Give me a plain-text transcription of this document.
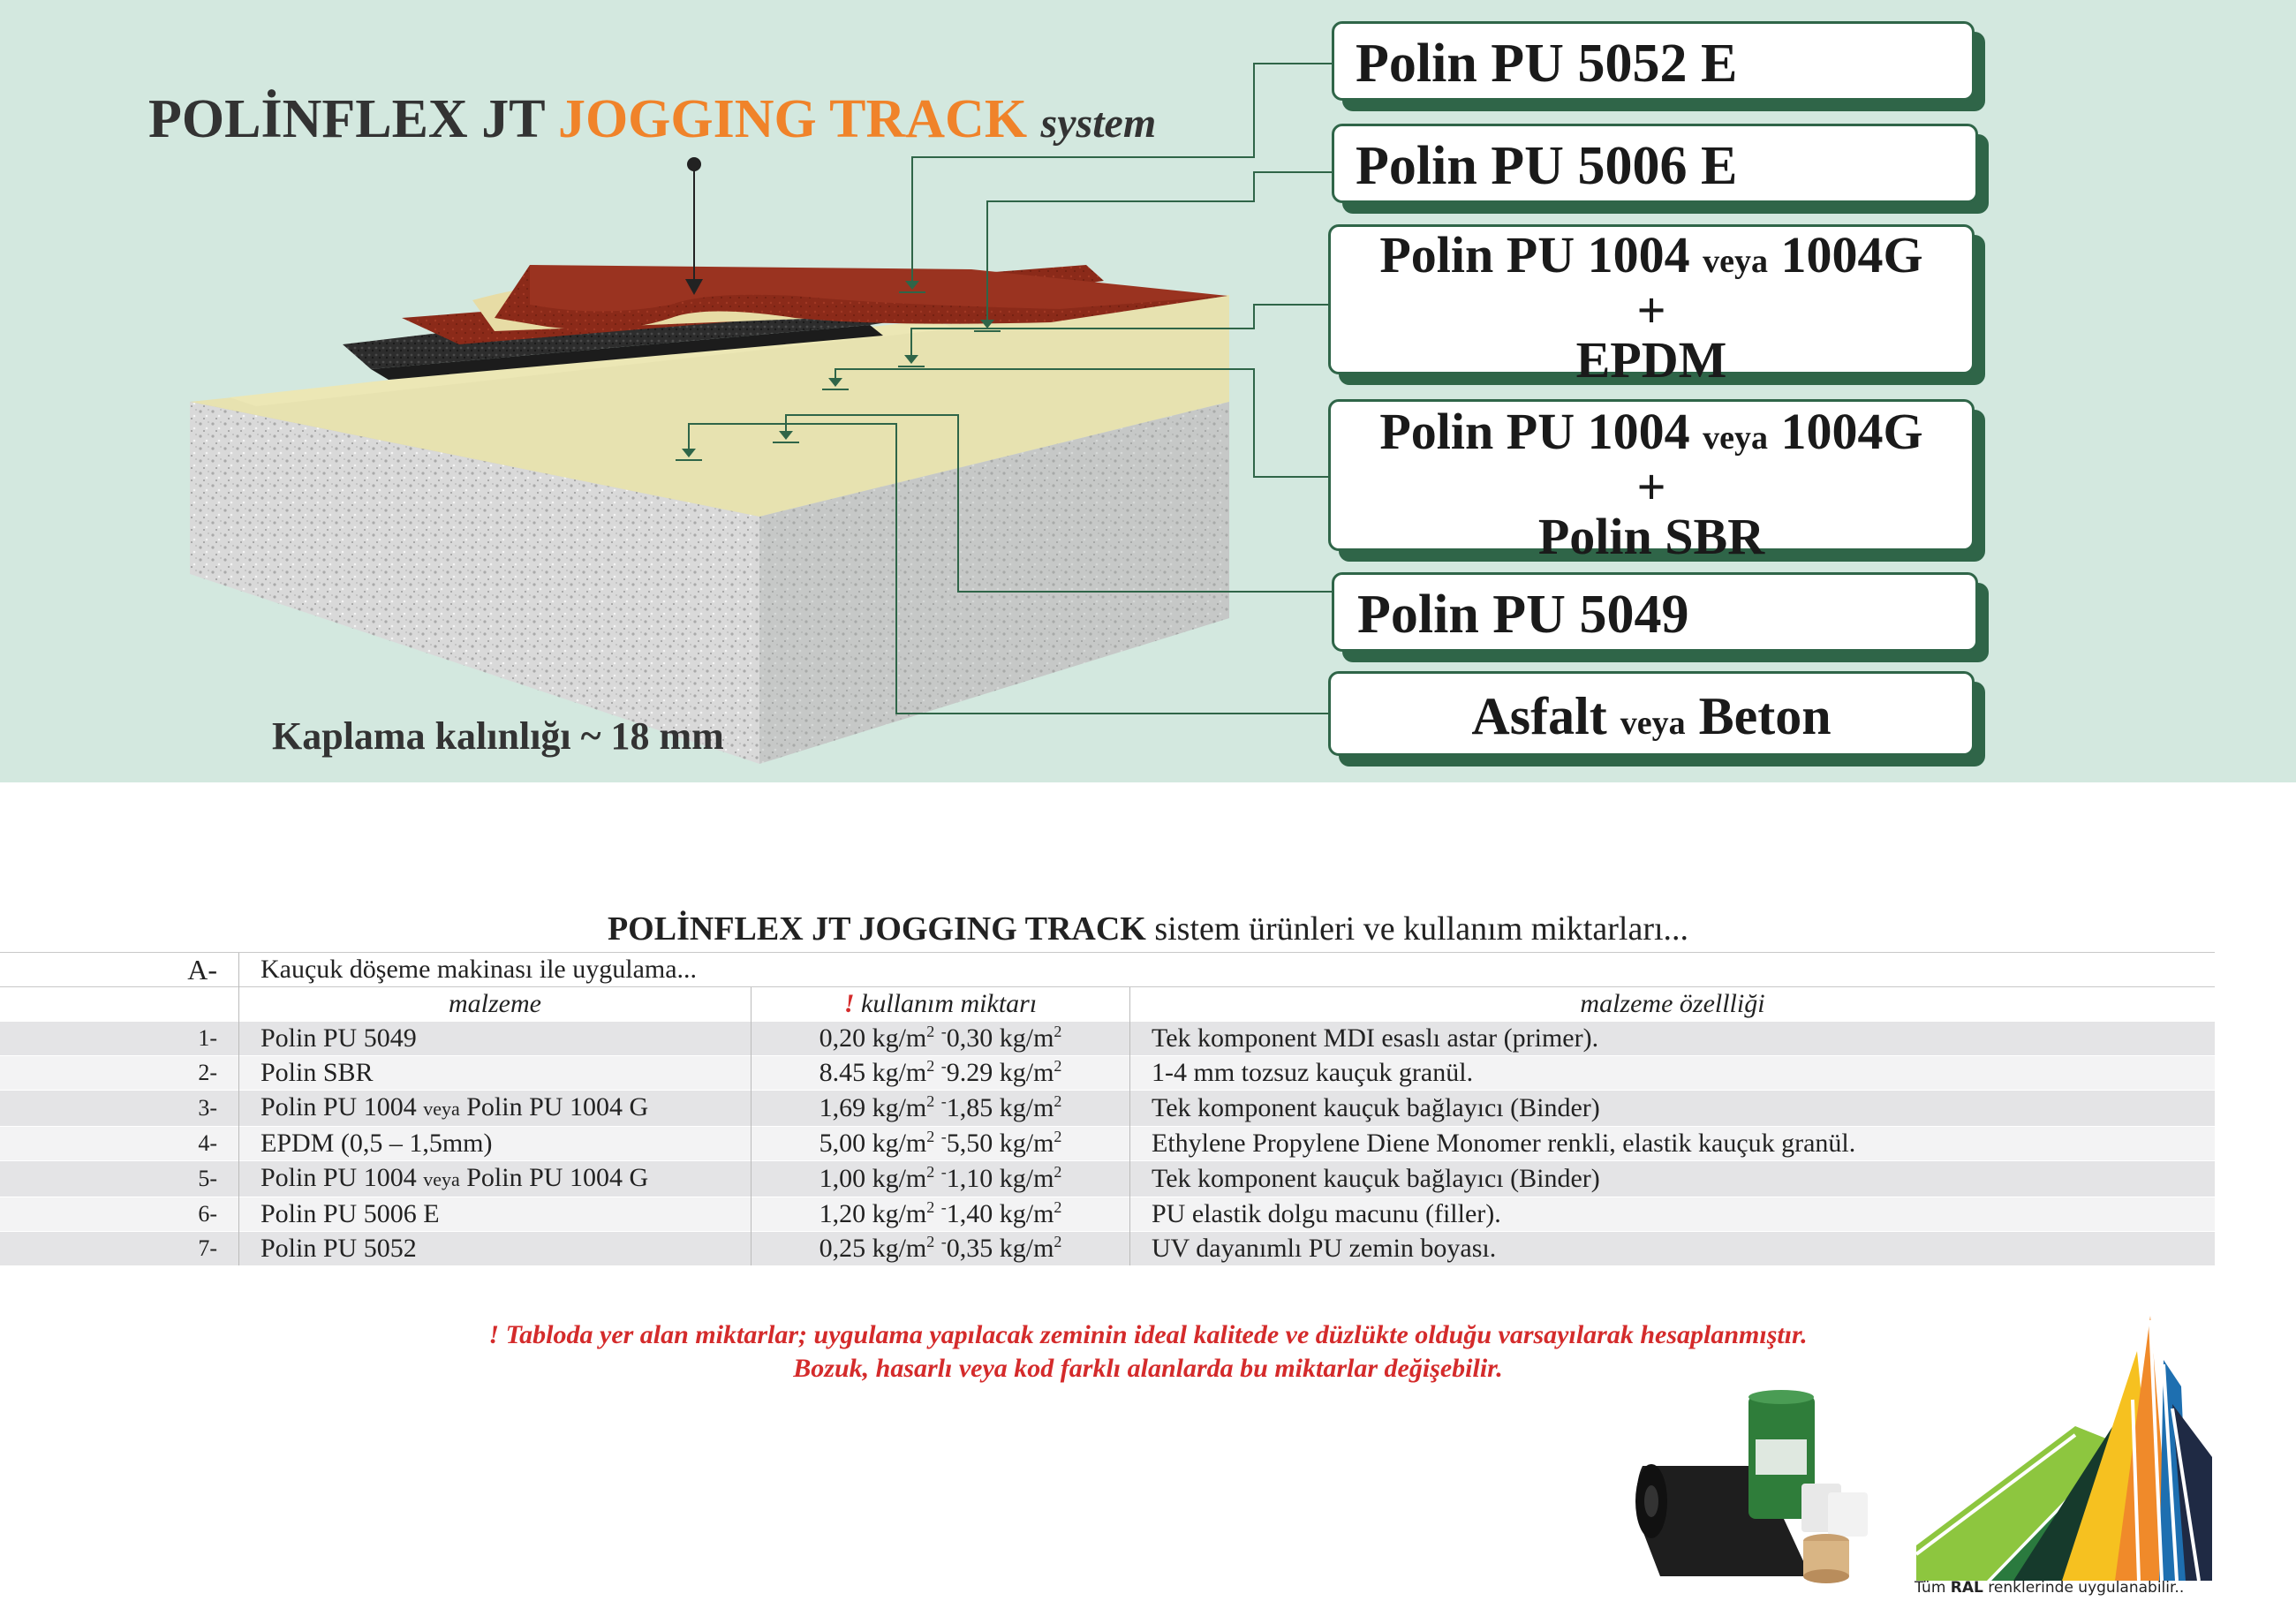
POLİNFLEX JT JOGGING TRACK system
Polin PU 5052 E
Polin PU 5006 E
Polin PU 1004 veya 1004G
+
EPDM
Polin PU 1004 veya 1004G
+
Polin SBR
Polin PU 5049
Asfalt veya Beton
Kaplama kalınlığı ~ 18 mm
POLİNFLEX JT JOGGING TRACK sistem ürünleri ve kullanım miktarları...
A-	Kauçuk döşeme makinası ile uygulama...		
	malzeme	! kullanım miktarı	malzeme özellliği
1-	Polin PU 5049	0,20 $kg/m^2$ -0,30 $kg/m^2$	Tek komponent MDI esaslı astar (primer).
2-	Polin SBR	8.45 $kg/m^2$ -9.29 $kg/m^2$	1-4 mm tozsuz kauçuk granül.
3-	Polin PU 1004 veya Polin PU 1004 G	1,69 $kg/m^2$ -1,85 $kg/m^2$	Tek komponent kauçuk bağlayıcı (Binder)
4-	EPDM (0,5 – 1,5mm)	5,00 $kg/m^2$ -5,50 $kg/m^2$	Ethylene Propylene Diene Monomer renkli, elastik kauçuk granül.
5-	Polin PU 1004 veya Polin PU 1004 G	1,00 $kg/m^2$ -1,10 $kg/m^2$	Tek komponent kauçuk bağlayıcı (Binder)
6-	Polin PU 5006 E	1,20 $kg/m^2$ -1,40 $kg/m^2$	PU elastik dolgu macunu (filler).
7-	Polin PU 5052	0,25 $kg/m^2$ -0,35 $kg/m^2$	UV dayanımlı PU zemin boyası.
! Tabloda yer alan miktarlar; uygulama yapılacak zeminin ideal kalitede ve düzlükte olduğu varsayılarak hesaplanmıştır.
Bozuk, hasarlı veya kod farklı alanlarda bu miktarlar değişebilir.
Tüm RAL renklerinde uygulanabilir..
